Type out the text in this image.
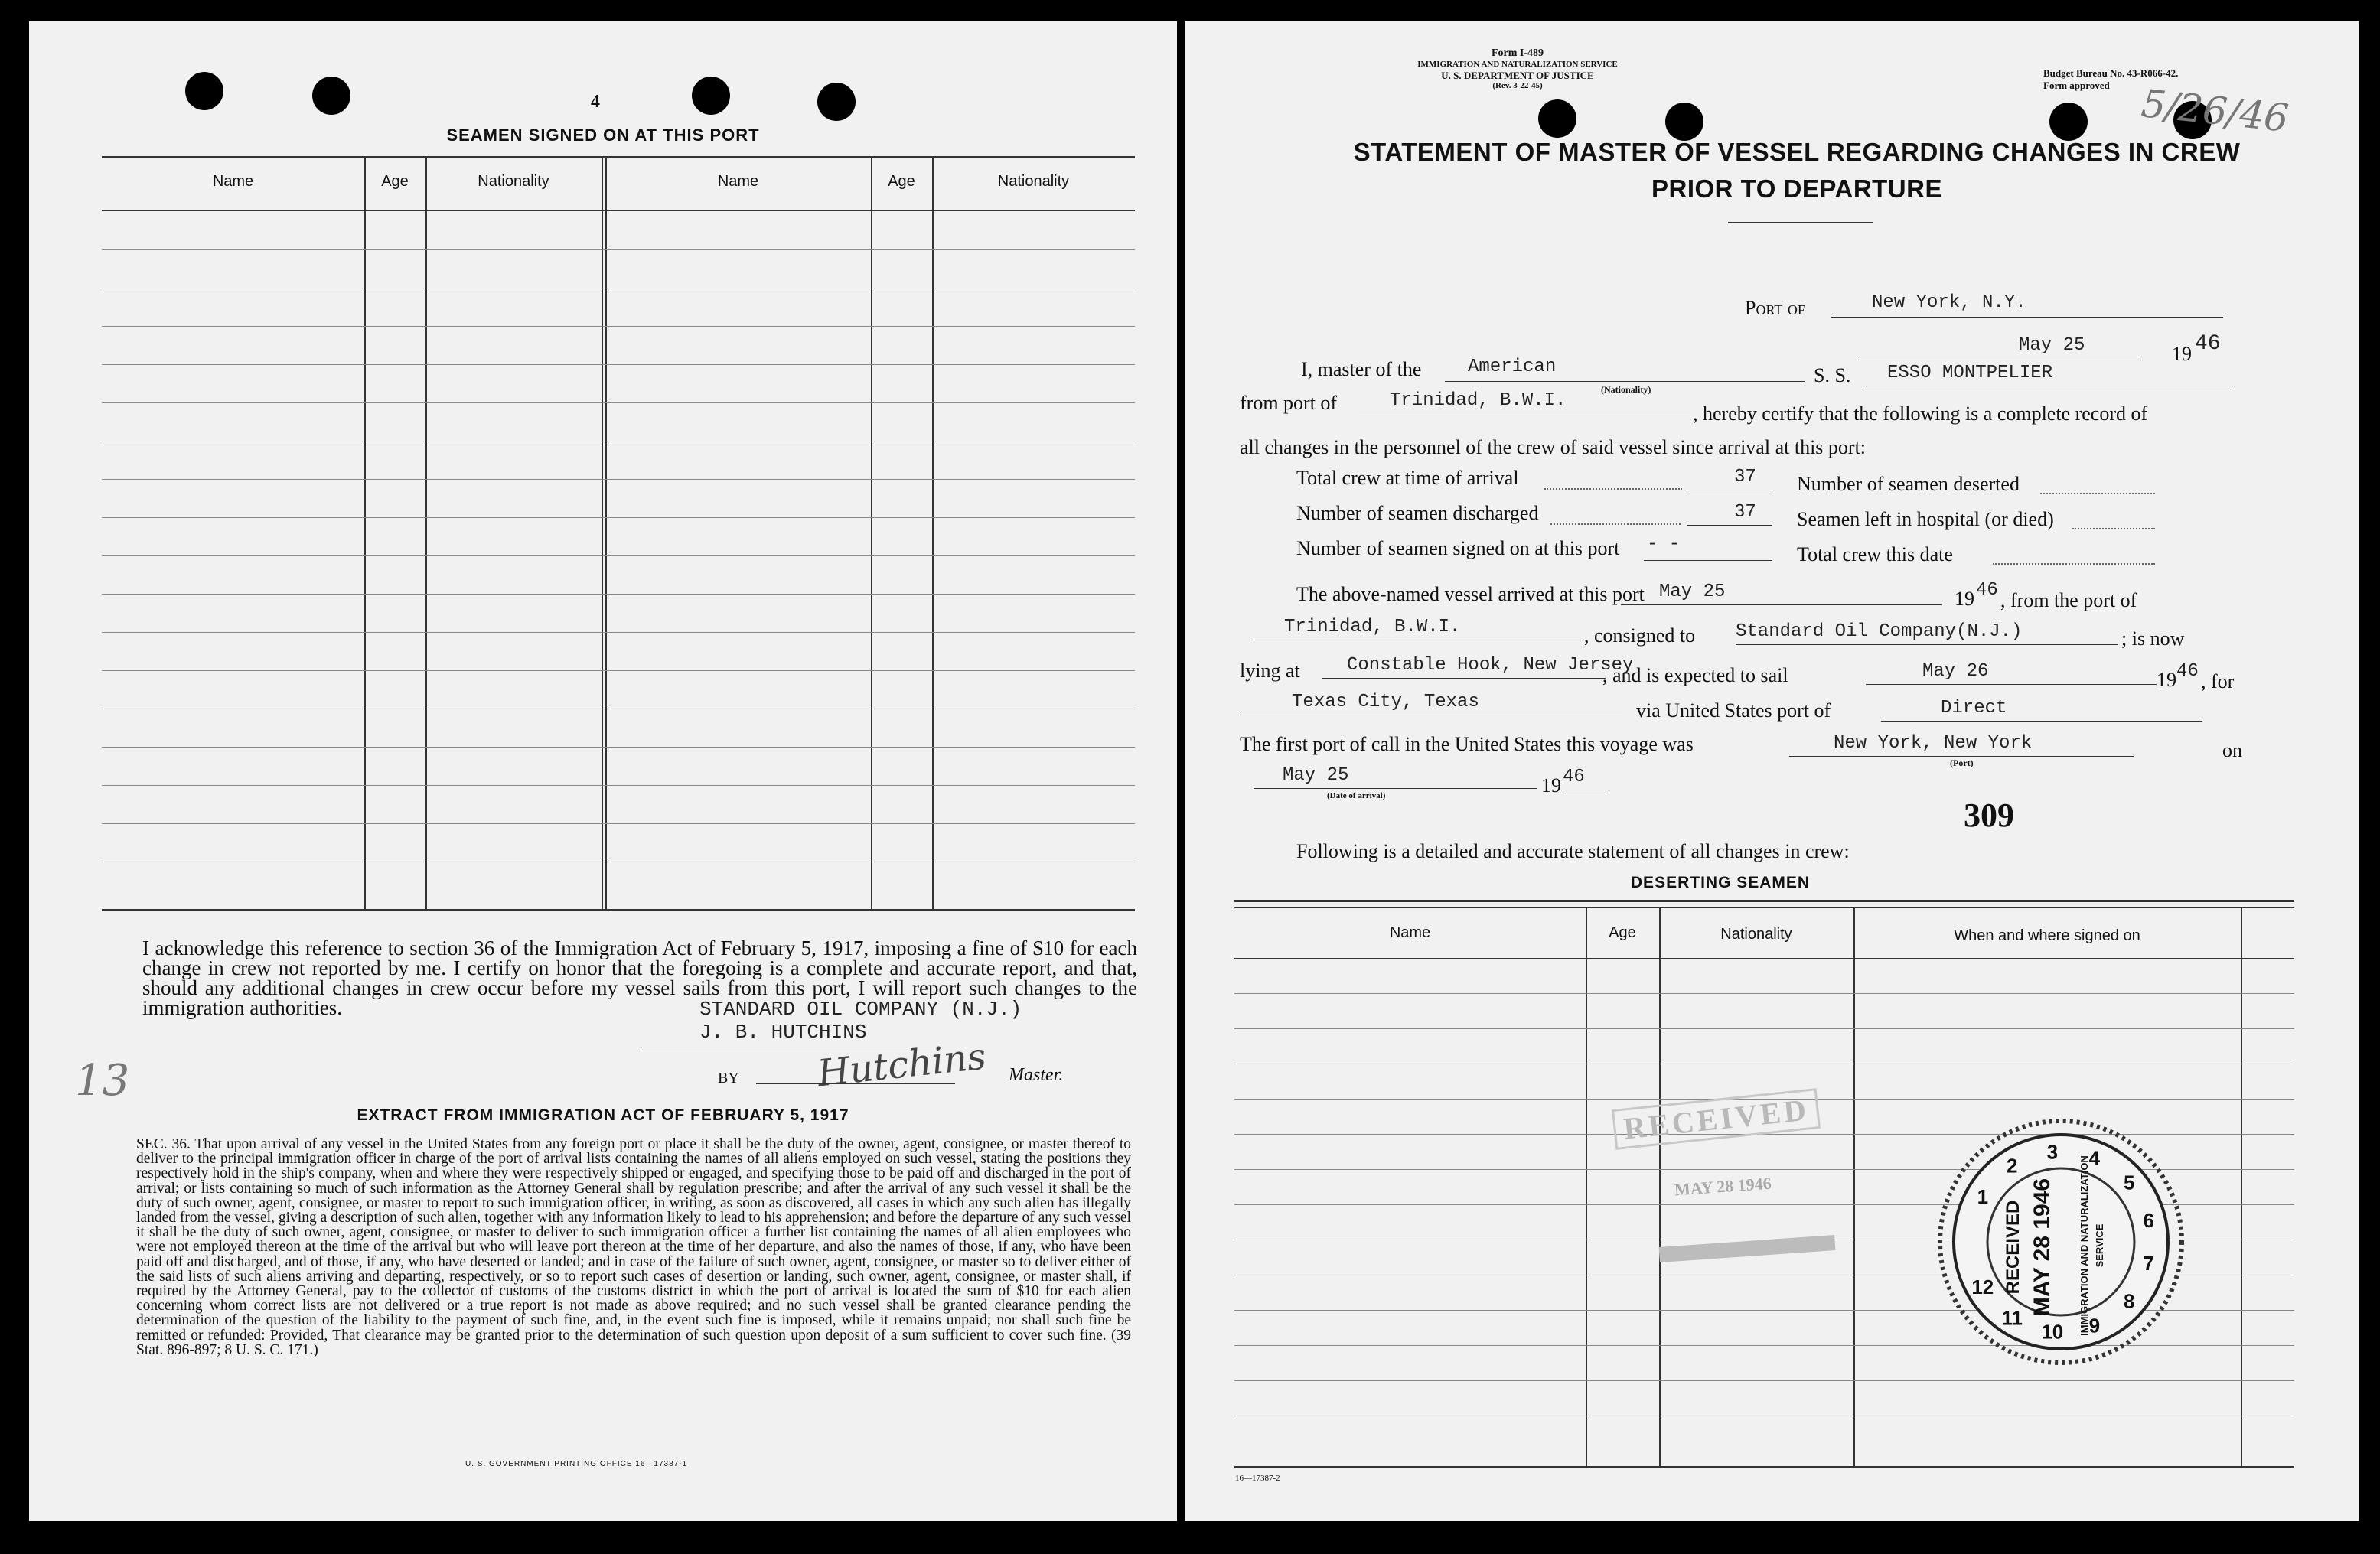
4
SEAMEN SIGNED ON AT THIS PORT
Name	Age	Nationality	Name	Age	Nationality
I acknowledge this reference to section 36 of the Immigration Act of February 5, 1917, imposing a fine of $10 for each change in crew not reported by me. I certify on honor that the foregoing is a complete and accurate report, and that, should any additional changes in crew occur before my vessel sails from this port, I will report such changes to the immigration authorities.	STANDARD OIL COMPANY (N.J.)
J. B. HUTCHINS
BY Hutchins Master.
13
EXTRACT FROM IMMIGRATION ACT OF FEBRUARY 5, 1917
SEC. 36. That upon arrival of any vessel in the United States from any foreign port or place it shall be the duty of the owner, agent, consignee, or master thereof to deliver to the principal immigration officer in charge of the port of arrival lists containing the names of all aliens employed on such vessel, stating the positions they respectively hold in the ship's company, when and where they were respectively shipped or engaged, and specifying those to be paid off and discharged in the port of arrival; or lists containing so much of such information as the Attorney General shall by regulation prescribe; and after the arrival of any such vessel it shall be the duty of such owner, agent, consignee, or master to report to such immigration officer, in writing, as soon as discovered, all cases in which any such alien has illegally landed from the vessel, giving a description of such alien, together with any information likely to lead to his apprehension; and before the departure of any such vessel it shall be the duty of such owner, agent, consignee, or master to deliver to such immigration officer a further list containing the names of all alien employees who were not employed thereon at the time of the arrival but who will leave port thereon at the time of her departure, and also the names of those, if any, who have been paid off and discharged, and of those, if any, who have deserted or landed; and in case of the failure of such owner, agent, consignee, or master so to deliver either of the said lists of such aliens arriving and departing, respectively, or so to report such cases of desertion or landing, such owner, agent, consignee, or master shall, if required by the Attorney General, pay to the collector of customs of the customs district in which the port of arrival is located the sum of $10 for each alien concerning whom correct lists are not delivered or a true report is not made as above required; and no such vessel shall be granted clearance pending the determination of the question of the liability to the payment of such fine, and, in the event such fine is imposed, while it remains unpaid; nor shall such fine be remitted or refunded: Provided, That clearance may be granted prior to the determination of such question upon deposit of a sum sufficient to cover such fine. (39 Stat. 896-897; 8 U. S. C. 171.)
U. S. GOVERNMENT PRINTING OFFICE 16—17387-1
Form I-489
IMMIGRATION AND NATURALIZATION SERVICE
U. S. DEPARTMENT OF JUSTICE
(Rev. 3-22-45)
Budget Bureau No. 43-R066-42.
Form approved 5/26/46
STATEMENT OF MASTER OF VESSEL REGARDING CHANGES IN CREW
PRIOR TO DEPARTURE
Port of	New York, N.Y.
May 25	19 46
I, master of the	American
(Nationality)
S. S. ESSO MONTPELIER
from port of	Trinidad, B.W.I.
, hereby certify that the following is a complete record of
all changes in the personnel of the crew of said vessel since arrival at this port:
Total crew at time of arrival	37
Number of seamen discharged	37
Number of seamen signed on at this port - -
Number of seamen deserted
Seamen left in hospital (or died)
Total crew this date
The above-named vessel arrived at this port May 25	19 46 , from the port of
Trinidad, B.W.I.	, consigned to Standard Oil Company(N.J.)	; is now
lying at	Constable Hook, New Jersey
, and is expected to sail	May 26	19 46 , for
Texas City, Texas	via United States port of	Direct
The first port of call in the United States this voyage was	New York, New York
(Port)
on
May 25
(Date of arrival)	19 46
309
Following is a detailed and accurate statement of all changes in crew:
DESERTING SEAMEN
Name	Age	Nationality	When and where signed on
RECEIVED
MAY 28 1946	1
2
3 4
5
6
7
8
9
10
11
12 MAY 28 1946 IMMIGRATION AND NATURALIZATION SERVICE
RECEIVED
16—17387-2
